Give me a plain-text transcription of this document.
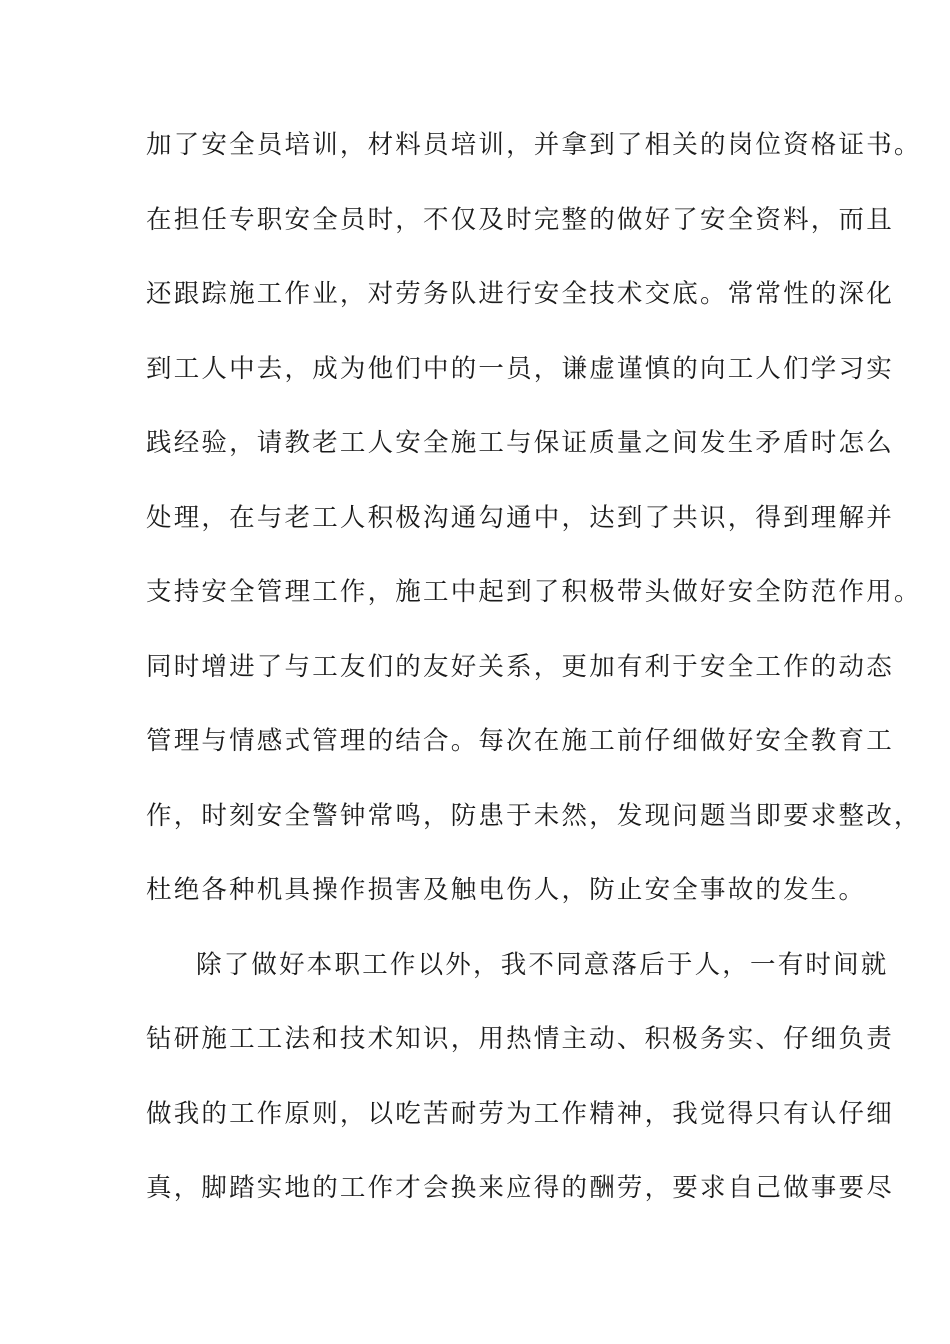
加了安全员培训，材料员培训，并拿到了相关的岗位资格证书。
在担任专职安全员时，不仅及时完整的做好了安全资料，而且
还跟踪施工作业，对劳务队进行安全技术交底。常常性的深化
到工人中去，成为他们中的一员，谦虚谨慎的向工人们学习实
践经验，请教老工人安全施工与保证质量之间发生矛盾时怎么
处理，在与老工人积极沟通勾通中，达到了共识，得到理解并
支持安全管理工作，施工中起到了积极带头做好安全防范作用。
同时增进了与工友们的友好关系，更加有利于安全工作的动态
管理与情感式管理的结合。每次在施工前仔细做好安全教育工
作，时刻安全警钟常鸣，防患于未然，发现问题当即要求整改，
杜绝各种机具操作损害及触电伤人，防止安全事故的发生。
除了做好本职工作以外，我不同意落后于人，一有时间就
钻研施工工法和技术知识，用热情主动、积极务实、仔细负责
做我的工作原则，以吃苦耐劳为工作精神，我觉得只有认仔细
真，脚踏实地的工作才会换来应得的酬劳，要求自己做事要尽
